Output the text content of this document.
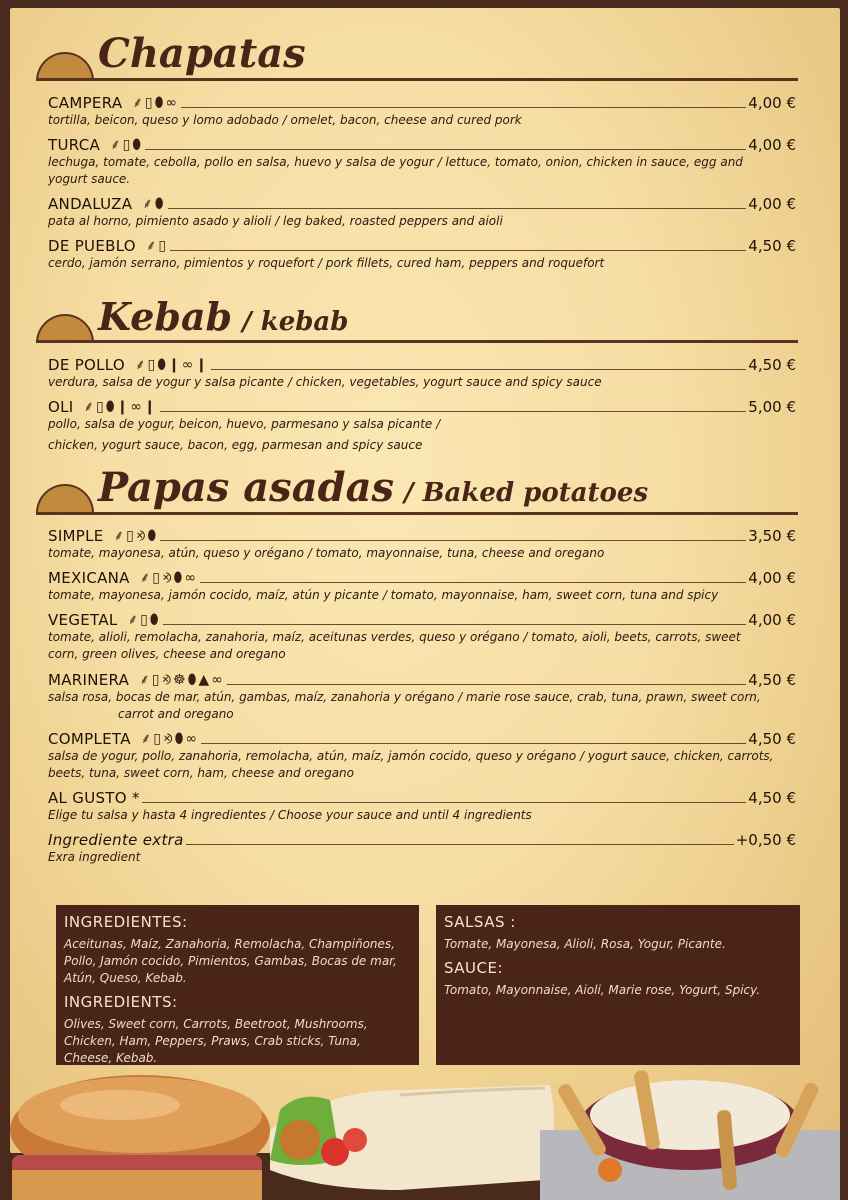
Chapatas
CAMPERA ⸙▯⬮∞	4,00 €
tortilla, beicon, queso y lomo adobado / omelet, bacon, cheese and cured pork
TURCA ⸙▯⬮	4,00 €
lechuga, tomate, cebolla, pollo en salsa, huevo y salsa de yogur / lettuce, tomato, onion, chicken in sauce, egg and
yogurt sauce.
ANDALUZA ⸙⬮	4,00 €
pata al horno, pimiento asado y alioli / leg baked, roasted peppers and aioli
DE PUEBLO ⸙▯	4,50 €
cerdo, jamón serrano, pimientos y roquefort / pork fillets, cured ham, peppers and roquefort
Kebab / kebab
DE POLLO ⸙▯⬮❙∞❙	4,50 €
verdura, salsa de yogur y salsa picante / chicken, vegetables, yogurt sauce and spicy sauce
OLI ⸙▯⬮❙∞❙	5,00 €
pollo, salsa de yogur, beicon, huevo, parmesano y salsa picante /
chicken, yogurt sauce, bacon, egg, parmesan and spicy sauce
Papas asadas / Baked potatoes
SIMPLE ⸙▯⨵⬮	3,50 €
tomate, mayonesa, atún, queso y orégano / tomato, mayonnaise, tuna, cheese and oregano
MEXICANA ⸙▯⨵⬮∞	4,00 €
tomate, mayonesa, jamón cocido, maíz, atún y picante / tomato, mayonnaise, ham, sweet corn, tuna and spicy
VEGETAL ⸙▯⬮	4,00 €
tomate, alioli, remolacha, zanahoria, maíz, aceitunas verdes, queso y orégano / tomato, aioli, beets, carrots, sweet
corn, green olives, cheese and oregano
MARINERA ⸙▯⨵☸⬮▲∞	4,50 €
salsa rosa, bocas de mar, atún, gambas, maíz, zanahoria y orégano / marie rose sauce, crab, tuna, prawn, sweet corn,
carrot and oregano
COMPLETA ⸙▯⨵⬮∞	4,50 €
salsa de yogur, pollo, zanahoria, remolacha, atún, maíz, jamón cocido, queso y orégano / yogurt sauce, chicken, carrots,
beets, tuna, sweet corn, ham, cheese and oregano
AL GUSTO *	4,50 €
Elige tu salsa y hasta 4 ingredientes / Choose your sauce and until 4 ingredients
Ingrediente extra	+0,50 €
Exra ingredient
INGREDIENTES:

Aceitunas, Maíz, Zanahoria, Remolacha, Champiñones, Pollo, Jamón cocido, Pimientos, Gambas, Bocas de mar, Atún, Queso, Kebab.

INGREDIENTS:

Olives, Sweet corn, Carrots, Beetroot, Mushrooms, Chicken, Ham, Peppers, Praws, Crab sticks, Tuna, Cheese, Kebab.

SALSAS :

Tomate, Mayonesa, Alioli, Rosa, Yogur, Picante.

SAUCE:

Tomato, Mayonnaise, Aioli, Marie rose, Yogurt, Spicy.
